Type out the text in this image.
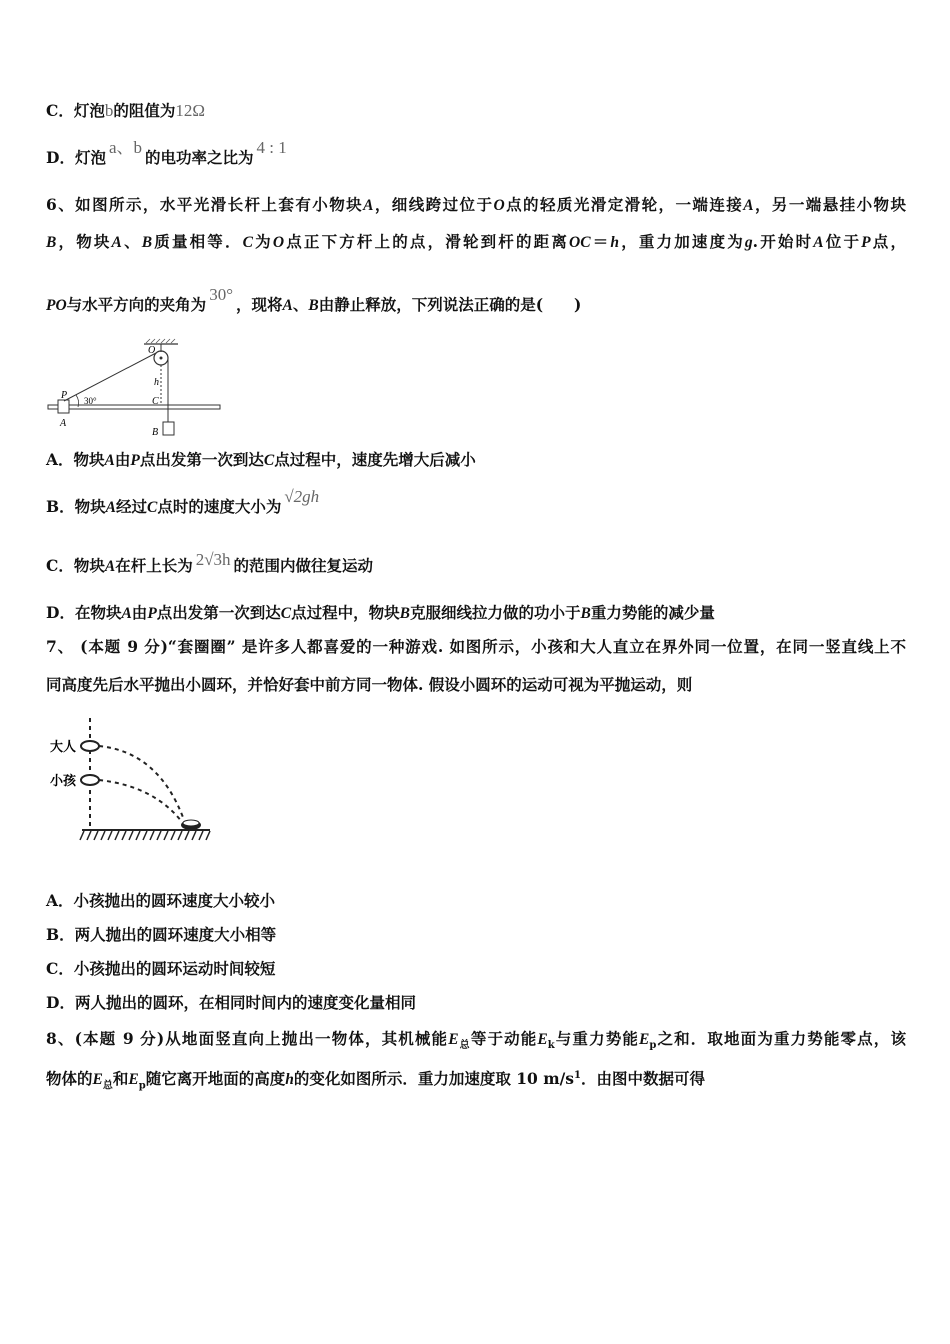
C．灯泡b的阻值为12Ω
D．灯泡a、b的电功率之比为4 : 1
6、如图所示，水平光滑长杆上套有小物块A，细线跨过位于O点的轻质光滑定滑轮，一端连接A，另一端悬挂小物块
B，物块A、B质量相等．C为O点正下方杆上的点，滑轮到杆的距离OC＝h，重力加速度为g.开始时A位于P点，
PO与水平方向的夹角为30°，现将A、B由静止释放，下列说法正确的是(　　)
O
P
h
C
A
B
30°
A．物块A由P点出发第一次到达C点过程中，速度先增大后减小
B．物块A经过C点时的速度大小为√2gh
C．物块A在杆上长为 2√3h 的范围内做往复运动
D．在物块A由P点出发第一次到达C点过程中，物块B克服细线拉力做的功小于B重力势能的减少量
7、 (本题 9 分)“套圈圈” 是许多人都喜爱的一种游戏. 如图所示，小孩和大人直立在界外同一位置，在同一竖直线上不
同高度先后水平抛出小圆环，并恰好套中前方同一物体. 假设小圆环的运动可视为平抛运动，则
大人
小孩
A．小孩抛出的圆环速度大小较小
B．两人抛出的圆环速度大小相等
C．小孩抛出的圆环运动时间较短
D．两人抛出的圆环，在相同时间内的速度变化量相同
8、(本题 9 分)从地面竖直向上抛出一物体，其机械能$E_总$等于动能$E_k$与重力势能$E_p$之和．取地面为重力势能零点，该
物体的$E_总$和$E_p$随它离开地面的高度h的变化如图所示．重力加速度取 10 $m/s^1$．由图中数据可得
